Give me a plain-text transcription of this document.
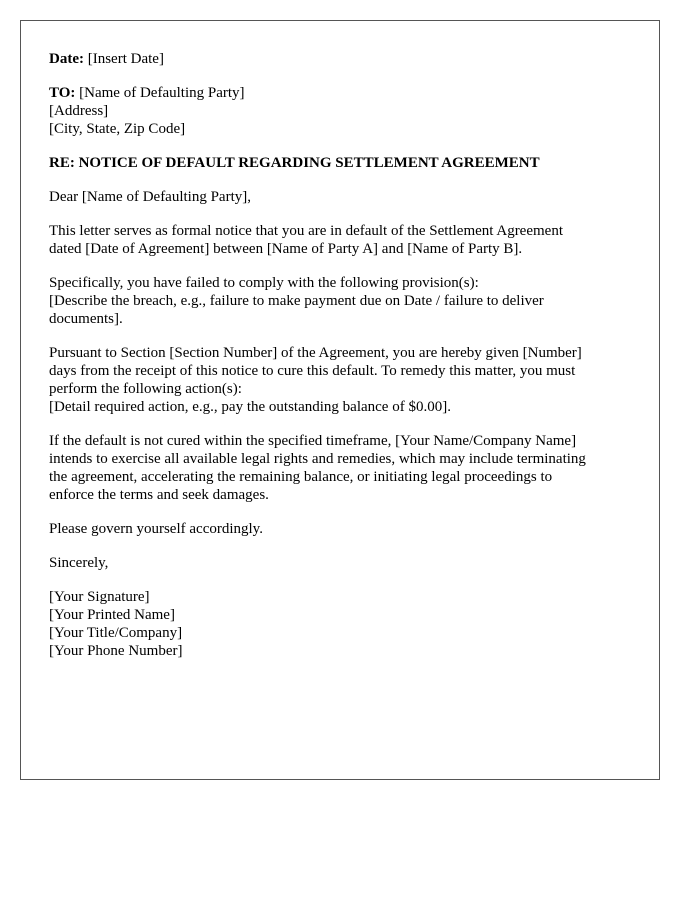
Date: [Insert Date]
TO: [Name of Defaulting Party]
[Address]
[City, State, Zip Code]
RE: NOTICE OF DEFAULT REGARDING SETTLEMENT AGREEMENT
Dear [Name of Defaulting Party],

This letter serves as formal notice that you are in default of the Settlement Agreement
dated [Date of Agreement] between [Name of Party A] and [Name of Party B].

Specifically, you have failed to comply with the following provision(s):
[Describe the breach, e.g., failure to make payment due on Date / failure to deliver
documents].

Pursuant to Section [Section Number] of the Agreement, you are hereby given [Number]
days from the receipt of this notice to cure this default. To remedy this matter, you must
perform the following action(s):
[Detail required action, e.g., pay the outstanding balance of $0.00].

If the default is not cured within the specified timeframe, [Your Name/Company Name]
intends to exercise all available legal rights and remedies, which may include terminating
the agreement, accelerating the remaining balance, or initiating legal proceedings to
enforce the terms and seek damages.

Please govern yourself accordingly.

Sincerely,
[Your Signature]
[Your Printed Name]
[Your Title/Company]
[Your Phone Number]
